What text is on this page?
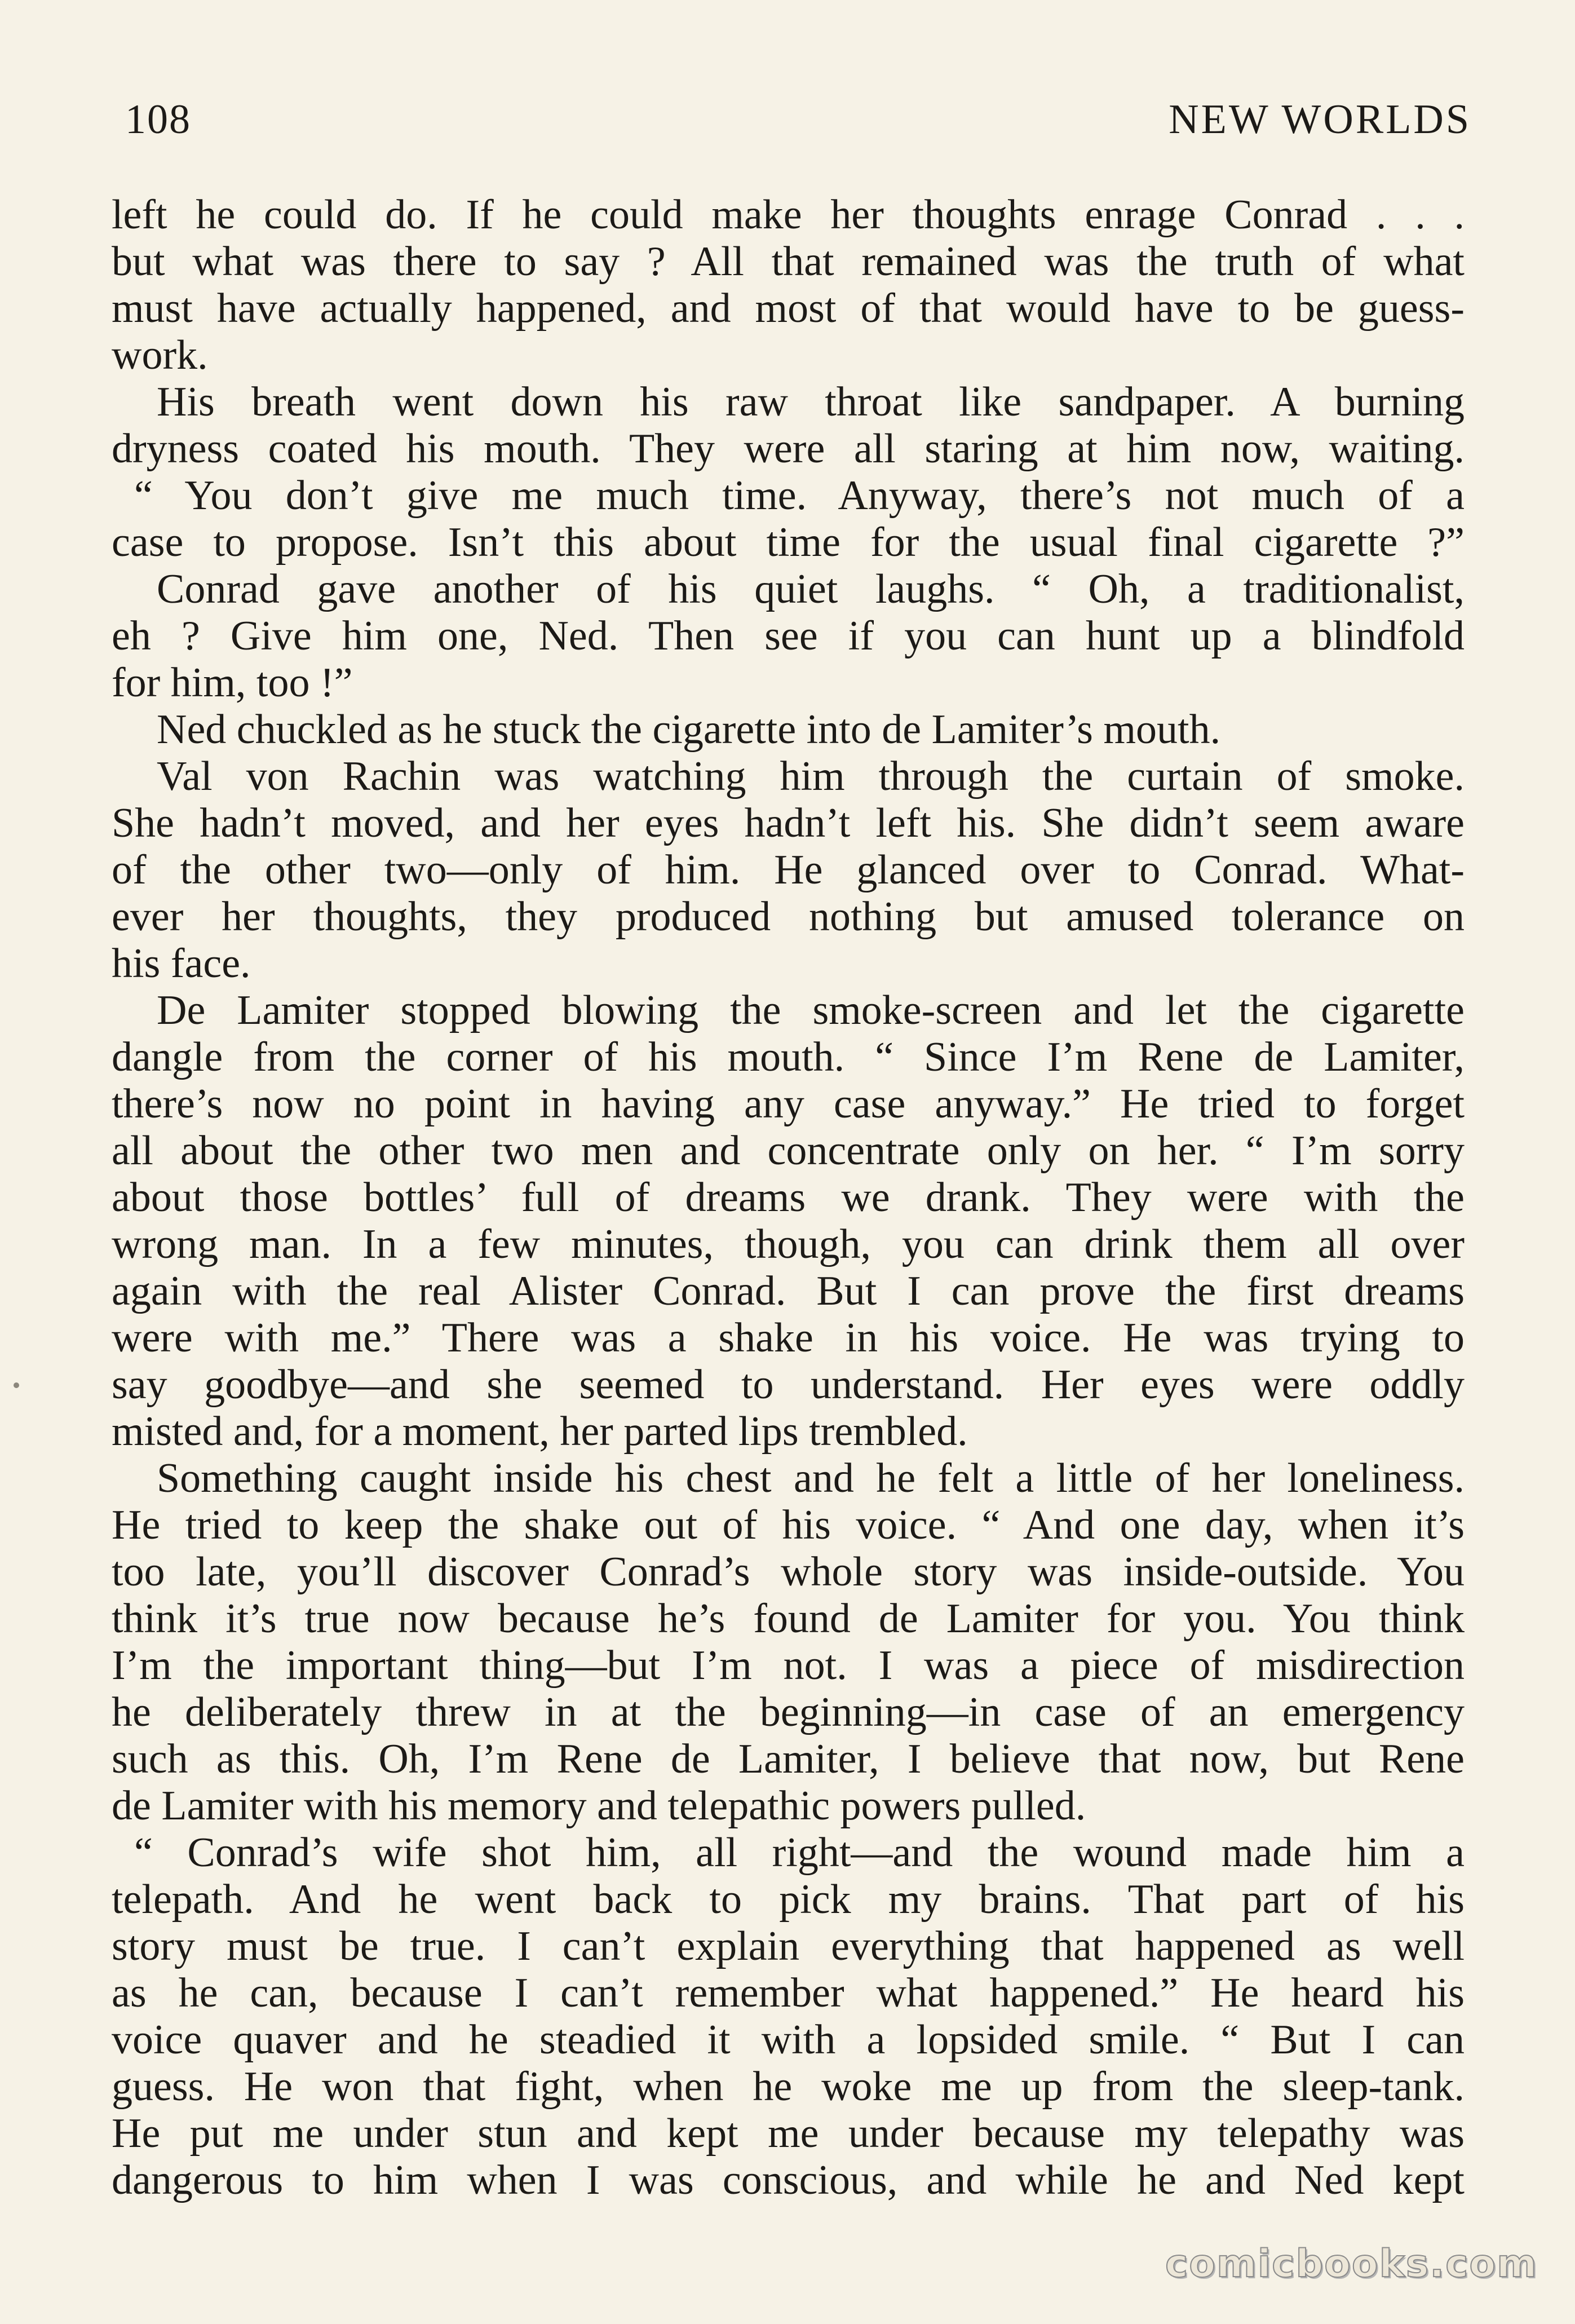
108	NEW WORLDS
left he could do. If he could make her thoughts enrage Conrad . . .
but what was there to say ? All that remained was the truth of what
must have actually happened, and most of that would have to be guess-
work.
His breath went down his raw throat like sandpaper. A burning
dryness coated his mouth. They were all staring at him now, waiting.
“ You don’t give me much time. Anyway, there’s not much of a
case to propose. Isn’t this about time for the usual final cigarette ?”
Conrad gave another of his quiet laughs. “ Oh, a traditionalist,
eh ? Give him one, Ned. Then see if you can hunt up a blindfold
for him, too !”
Ned chuckled as he stuck the cigarette into de Lamiter’s mouth.
Val von Rachin was watching him through the curtain of smoke.
She hadn’t moved, and her eyes hadn’t left his. She didn’t seem aware
of the other two—only of him. He glanced over to Conrad. What-
ever her thoughts, they produced nothing but amused tolerance on
his face.
De Lamiter stopped blowing the smoke-screen and let the cigarette
dangle from the corner of his mouth. “ Since I’m Rene de Lamiter,
there’s now no point in having any case anyway.” He tried to forget
all about the other two men and concentrate only on her. “ I’m sorry
about those bottles’ full of dreams we drank. They were with the
wrong man. In a few minutes, though, you can drink them all over
again with the real Alister Conrad. But I can prove the first dreams
were with me.” There was a shake in his voice. He was trying to
say goodbye—and she seemed to understand. Her eyes were oddly
misted and, for a moment, her parted lips trembled.
Something caught inside his chest and he felt a little of her loneliness.
He tried to keep the shake out of his voice. “ And one day, when it’s
too late, you’ll discover Conrad’s whole story was inside-outside. You
think it’s true now because he’s found de Lamiter for you. You think
I’m the important thing—but I’m not. I was a piece of misdirection
he deliberately threw in at the beginning—in case of an emergency
such as this. Oh, I’m Rene de Lamiter, I believe that now, but Rene
de Lamiter with his memory and telepathic powers pulled.
“ Conrad’s wife shot him, all right—and the wound made him a
telepath. And he went back to pick my brains. That part of his
story must be true. I can’t explain everything that happened as well
as he can, because I can’t remember what happened.” He heard his
voice quaver and he steadied it with a lopsided smile. “ But I can
guess. He won that fight, when he woke me up from the sleep-tank.
He put me under stun and kept me under because my telepathy was
dangerous to him when I was conscious, and while he and Ned kept
comicbooks.com
